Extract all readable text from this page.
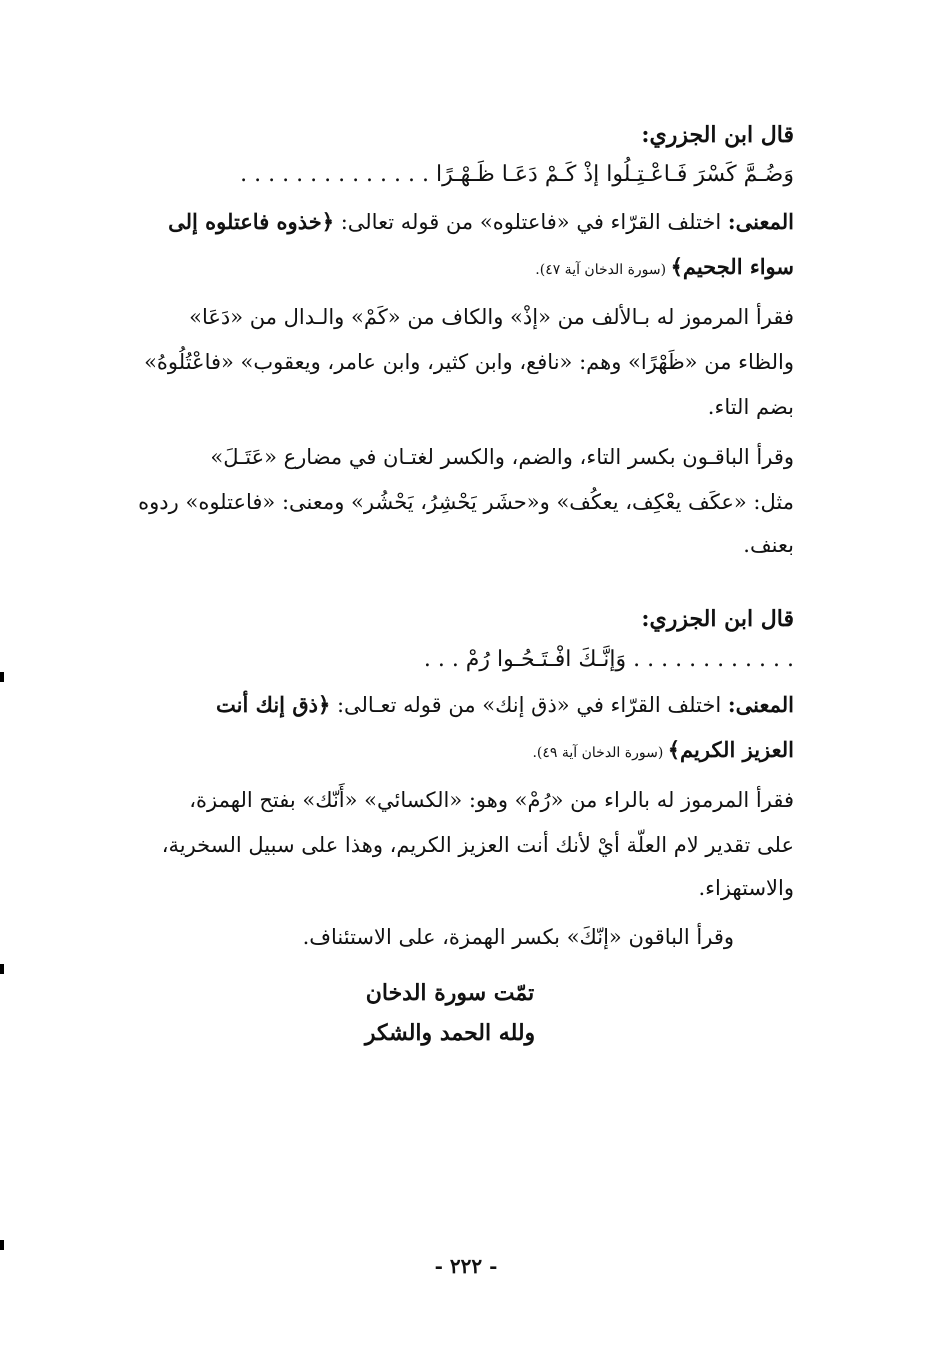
قال ابن الجزري:
وَضُـمَّ كَسْرَ فَـاعْـتِـلُوا إذْ كَـمْ دَعَـا ظَـهْـرًا . . . . . . . . . . . . . .
المعنى: اختلف القرّاء في «فاعتلوه» من قوله تعالى: ﴿خذوه فاعتلوه إلى
سواء الجحيم﴾ (سورة الدخان آية ٤٧).
فقرأ المرموز له بـالألف من «إذْ» والكاف من «كَمْ» والـدال من «دَعَا»
والظاء من «ظَهْرًا» وهم: «نافع، وابن كثير، وابن عامر، ويعقوب» «فاعْتُلُوهُ»
بضم التاء.
وقرأ الباقـون بكسر التاء، والضم، والكسر لغتـان في مضارع «عَتَـلَ»
مثل: «عكَف يعْكِف، يعكُف» و«حشَر يَحْشِرُ، يَحْشُر» ومعنى: «فاعتلوه» ردوه
بعنف.
قال ابن الجزري:
. . . . . . . . . . . . وَإنَّـكَ افْـتَـحُـوا رُمْ . . .
المعنى: اختلف القرّاء في «ذق إنك» من قوله تعـالى: ﴿ذق إنك أنت
العزيز الكريم﴾ (سورة الدخان آية ٤٩).
فقرأ المرموز له بالراء من «رُمْ» وهو: «الكسائي» «أَنّك» بفتح الهمزة،
على تقدير لام العلّة أيْ لأنك أنت العزيز الكريم، وهذا على سبيل السخرية،
والاستهزاء.
وقرأ الباقون «إنّكَ» بكسر الهمزة، على الاستئناف.
تمّت سورة الدخان
ولله الحمد والشكر
- ٢٢٢ -
